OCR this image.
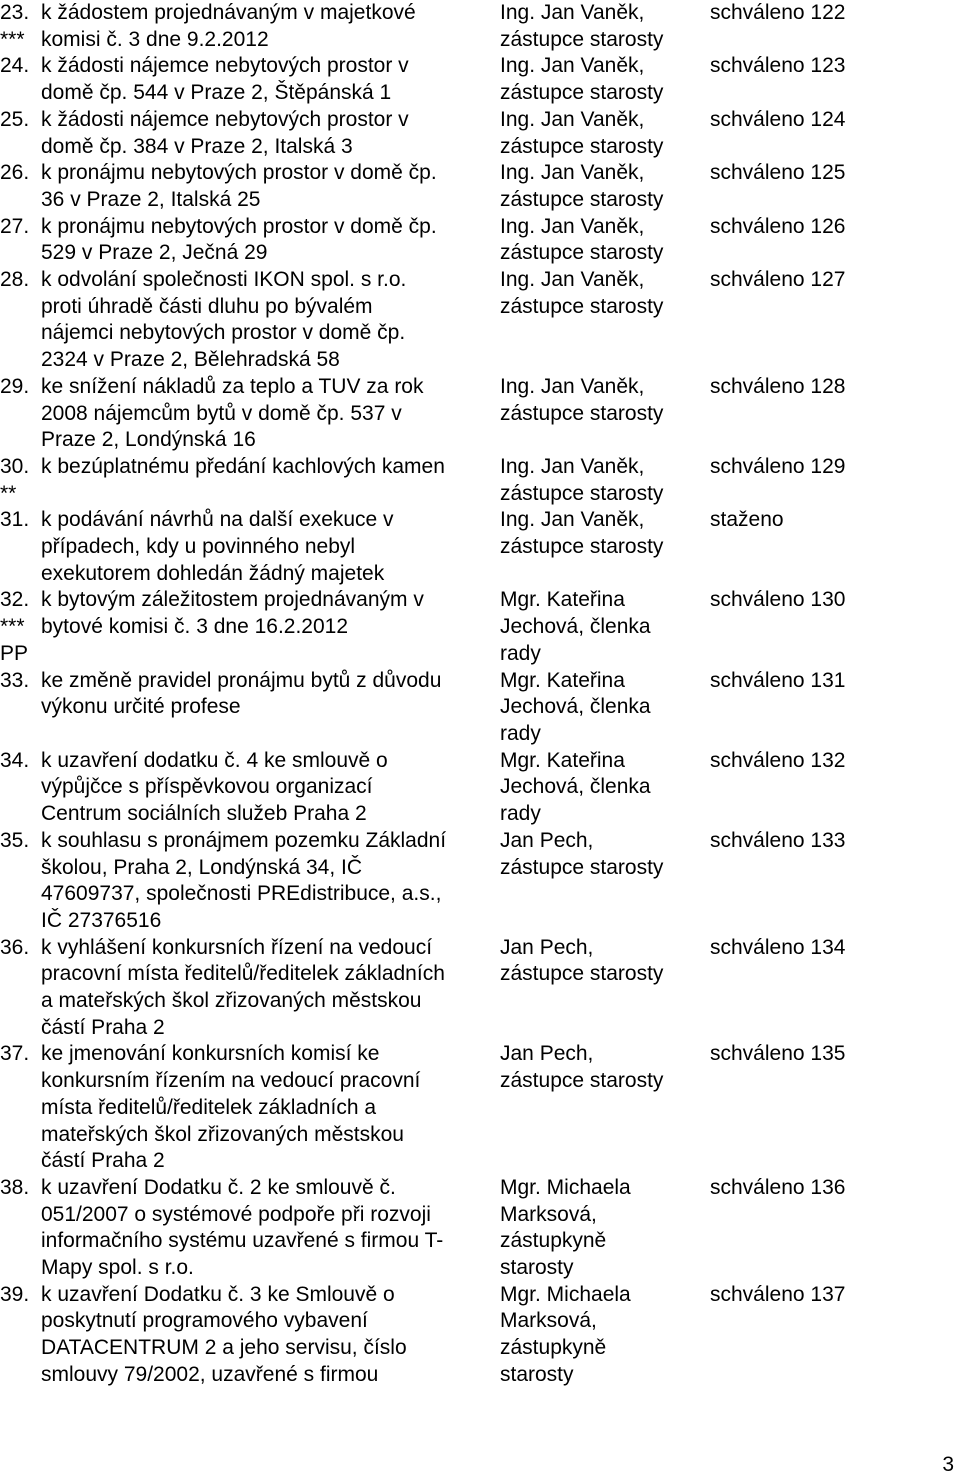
23.
***
k žádostem projednávaným v majetkové
komisi č. 3 dne 9.2.2012
Ing. Jan Vaněk,
zástupce starosty
schváleno 122
24. k žádosti nájemce nebytových prostor v
domě čp. 544 v Praze 2, Štěpánská 1
Ing. Jan Vaněk,
zástupce starosty
schváleno 123
25. k žádosti nájemce nebytových prostor v
domě čp. 384 v Praze 2, Italská 3
Ing. Jan Vaněk,
zástupce starosty
schváleno 124
26. k pronájmu nebytových prostor v domě čp.
36 v Praze 2, Italská 25
Ing. Jan Vaněk,
zástupce starosty
schváleno 125
27. k pronájmu nebytových prostor v domě čp.
529 v Praze 2, Ječná 29
Ing. Jan Vaněk,
zástupce starosty
schváleno 126
28. k odvolání společnosti IKON spol. s r.o.
proti úhradě části dluhu po bývalém
nájemci nebytových prostor v domě čp.
2324 v Praze 2, Bělehradská 58
Ing. Jan Vaněk,
zástupce starosty
schváleno 127
29. ke snížení nákladů za teplo a TUV za rok
2008 nájemcům bytů v domě čp. 537 v
Praze 2, Londýnská 16
Ing. Jan Vaněk,
zástupce starosty
schváleno 128
30.
**
k bezúplatnému předání kachlových kamen	Ing. Jan Vaněk,
zástupce starosty
schváleno 129
31. k podávání návrhů na další exekuce v
případech, kdy u povinného nebyl
exekutorem dohledán žádný majetek
Ing. Jan Vaněk,
zástupce starosty
staženo
32.
***
PP
k bytovým záležitostem projednávaným v
bytové komisi č. 3 dne 16.2.2012
Mgr. Kateřina
Jechová, členka
rady
schváleno 130
33. ke změně pravidel pronájmu bytů z důvodu
výkonu určité profese
Mgr. Kateřina
Jechová, členka
rady
schváleno 131
34. k uzavření dodatku č. 4 ke smlouvě o
výpůjčce s příspěvkovou organizací
Centrum sociálních služeb Praha 2
Mgr. Kateřina
Jechová, členka
rady
schváleno 132
35. k souhlasu s pronájmem pozemku Základní
školou, Praha 2, Londýnská 34, IČ
47609737, společnosti PREdistribuce, a.s.,
IČ 27376516
Jan Pech,
zástupce starosty
schváleno 133
36. k vyhlášení konkursních řízení na vedoucí
pracovní místa ředitelů/ředitelek základních
a mateřských škol zřizovaných městskou
částí Praha 2
Jan Pech,
zástupce starosty
schváleno 134
37. ke jmenování konkursních komisí ke
konkursním řízením na vedoucí pracovní
místa ředitelů/ředitelek základních a
mateřských škol zřizovaných městskou
částí Praha 2
Jan Pech,
zástupce starosty
schváleno 135
38. k uzavření Dodatku č. 2 ke smlouvě č.
051/2007 o systémové podpoře při rozvoji
informačního systému uzavřené s firmou T-
Mapy spol. s r.o.
Mgr. Michaela
Marksová,
zástupkyně
starosty
schváleno 136
39. k uzavření Dodatku č. 3 ke Smlouvě o
poskytnutí programového vybavení
DATACENTRUM 2 a jeho servisu, číslo
smlouvy 79/2002, uzavřené s firmou
Mgr. Michaela
Marksová,
zástupkyně
starosty
schváleno 137
3
